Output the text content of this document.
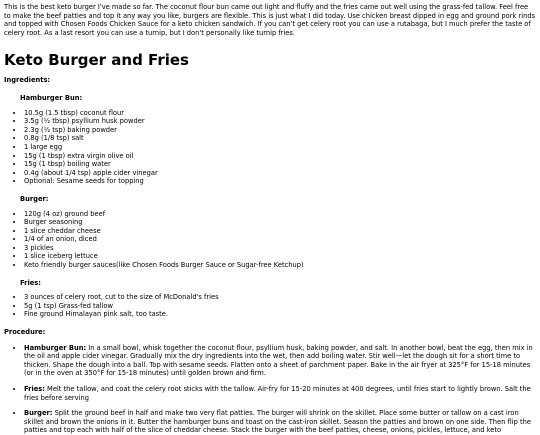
This is the best keto burger I've made so far. The coconut flour bun came out light and fluffy and the fries came out well using the grass-fed tallow. Feel free to make the beef patties and top it any way you like, burgers are flexible. This is just what I did today. Use chicken breast dipped in egg and ground pork rinds and topped with Chosen Foods Chicken Sauce for a keto chicken sandwich. If you can't get celery root you can use a rutabaga, but I much prefer the taste of celery root. As a last resort you can use a turnip, but I don't personally like turnip fries.

Keto Burger and Fries
Ingredients:
Hamburger Bun:
• 10.5g (1.5 tbsp) coconut flour
• 3.5g (½ tbsp) psyllium husk powder
• 2.3g (½ tsp) baking powder
• 0.8g (1/8 tsp) salt
• 1 large egg
• 15g (1 tbsp) extra virgin olive oil
• 15g (1 tbsp) boiling water
• 0.4g (about 1/4 tsp) apple cider vinegar
• Optional: Sesame seeds for topping
Burger:
• 120g (4 oz) ground beef
• Burger seasoning
• 1 slice cheddar cheese
• 1/4 of an onion, diced
• 3 pickles
• 1 slice iceberg lettuce
• Keto friendly burger sauces(like Chosen Foods Burger Sauce or Sugar-free Ketchup)
Fries:
• 3 ounces of celery root, cut to the size of McDonald's fries
• 5g (1 tsp) Grass-fed tallow
• Fine ground Himalayan pink salt, too taste.
Procedure:
• Hamburger Bun: In a small bowl, whisk together the coconut flour, psyllium husk, baking powder, and salt. In another bowl, beat the egg, then mix in the oil and apple cider vinegar. Gradually mix the dry ingredients into the wet, then add boiling water. Stir well—let the dough sit for a short time to thicken. Shape the dough into a ball. Top with sesame seeds. Flatten onto a sheet of parchment paper. Bake in the air fryer at 325°F for 15-18 minutes (or in the oven at 350°F for 15-18 minutes) until golden brown and firm.
• Fries: Melt the tallow, and coat the celery root sticks with the tallow. Air-fry for 15-20 minutes at 400 degrees, until fries start to lightly brown. Salt the fries before serving
• Burger: Split the ground beef in half and make two very flat patties. The burger will shrink on the skillet. Place some butter or tallow on a cast iron skillet and brown the onions in it. Butter the hamburger buns and toast on the cast-iron skillet. Season the patties and brown on one side. Then flip the patties and top each with half of the slice of cheddar cheese. Stack the burger with the beef patties, cheese, onions, pickles, lettuce, and keto
